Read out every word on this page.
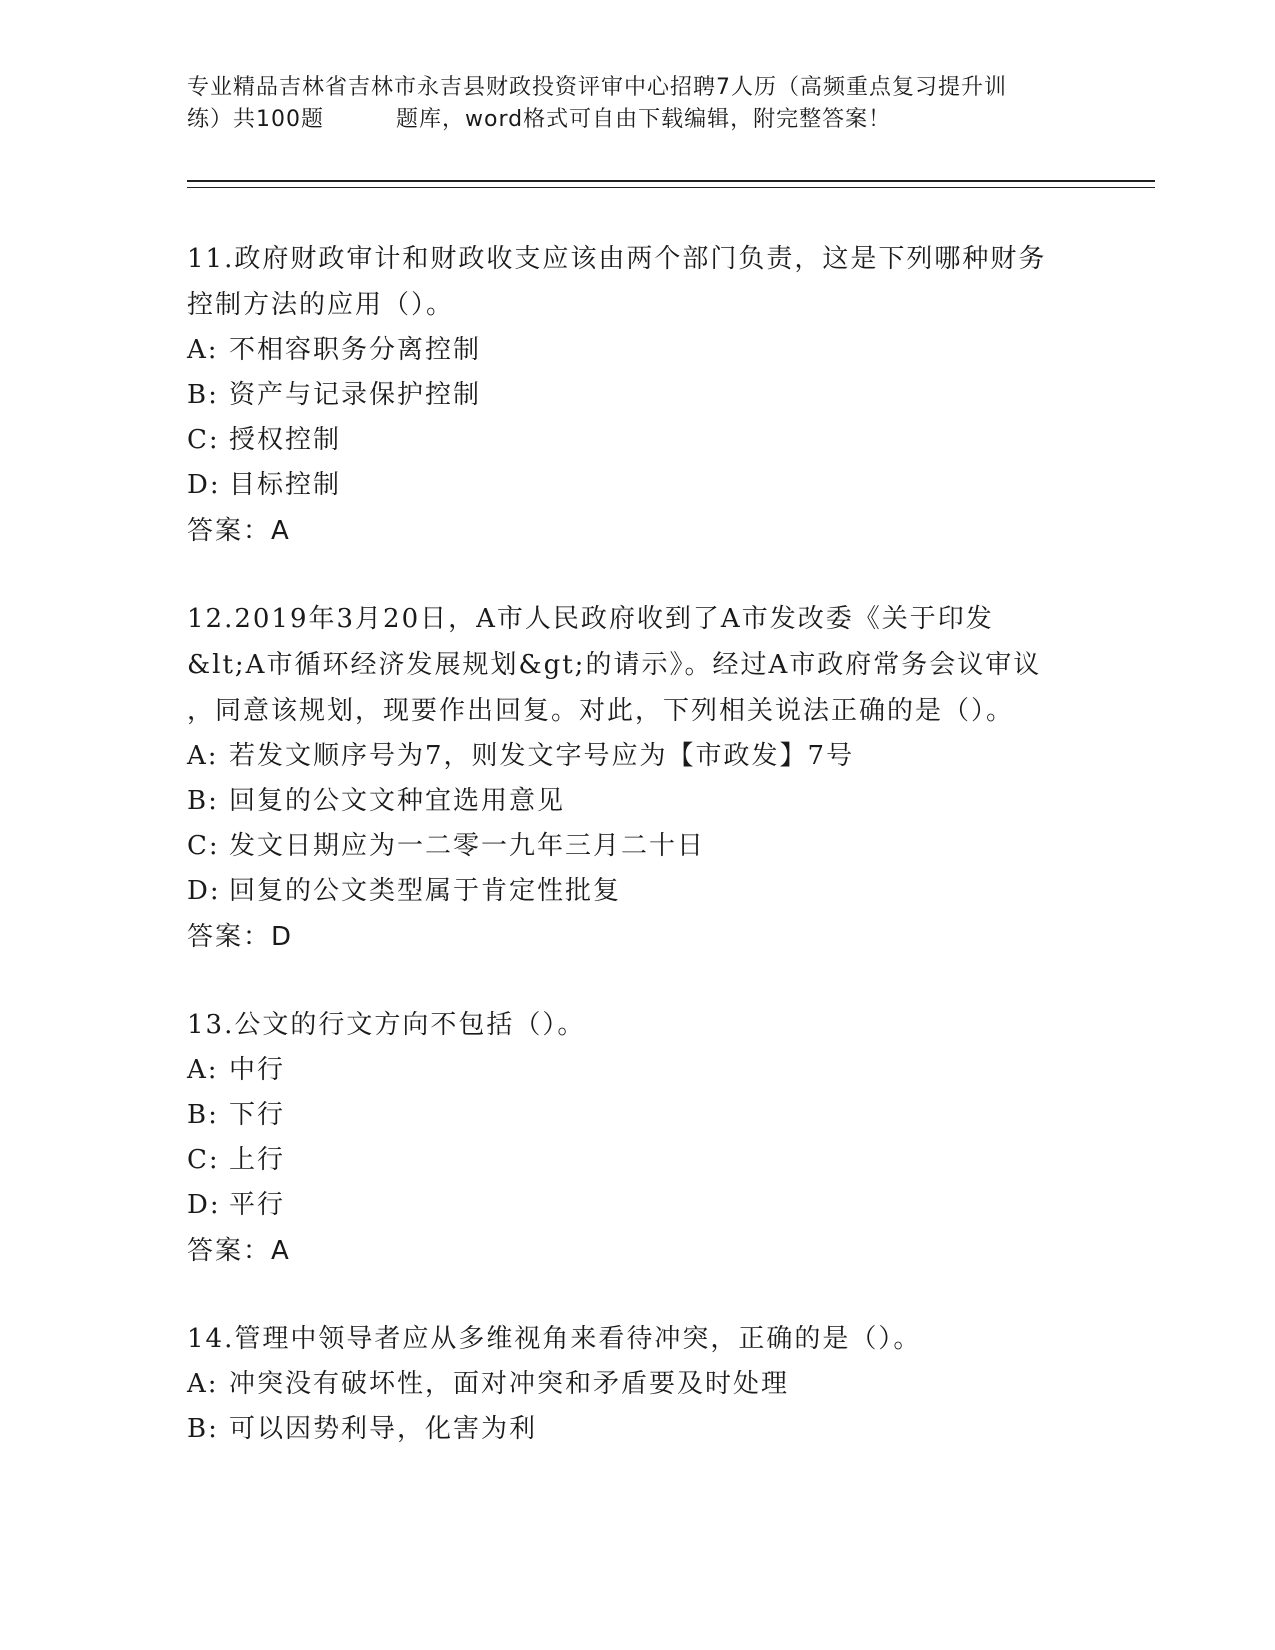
专业精品吉林省吉林市永吉县财政投资评审中心招聘7人历（高频重点复习提升训
练）共100题	题库，word格式可自由下载编辑，附完整答案！
11.政府财政审计和财政收支应该由两个部门负责，这是下列哪种财务
控制方法的应用（）。
A: 不相容职务分离控制
B: 资产与记录保护控制
C: 授权控制
D: 目标控制
答案：A
12.2019年3月20日，A市人民政府收到了A市发改委《关于印发
&lt;A市循环经济发展规划&gt;的请示》。经过A市政府常务会议审议
，同意该规划，现要作出回复。对此，下列相关说法正确的是（）。
A: 若发文顺序号为7，则发文字号应为【市政发】7号
B: 回复的公文文种宜选用意见
C: 发文日期应为一二零一九年三月二十日
D: 回复的公文类型属于肯定性批复
答案：D
13.公文的行文方向不包括（）。
A: 中行
B: 下行
C: 上行
D: 平行
答案：A
14.管理中领导者应从多维视角来看待冲突，正确的是（）。
A: 冲突没有破坏性，面对冲突和矛盾要及时处理
B: 可以因势利导，化害为利
